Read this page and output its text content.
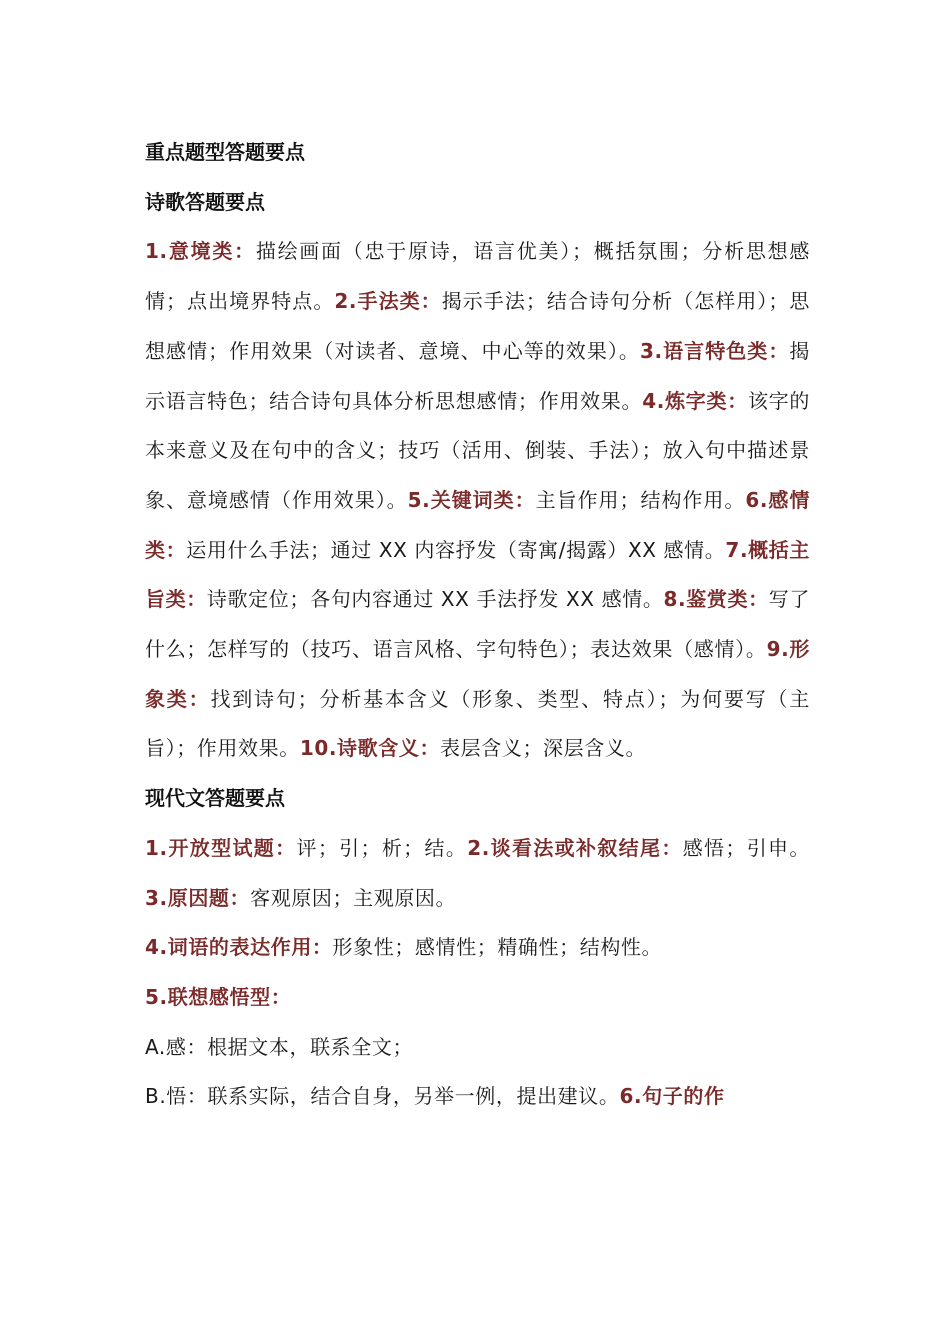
重点题型答题要点

诗歌答题要点

1.意境类：描绘画面（忠于原诗，语言优美）；概括氛围；分析思想感情；点出境界特点。2.手法类：揭示手法；结合诗句分析（怎样用）；思想感情；作用效果（对读者、意境、中心等的效果）。3.语言特色类：揭示语言特色；结合诗句具体分析思想感情；作用效果。4.炼字类：该字的本来意义及在句中的含义；技巧（活用、倒装、手法）；放入句中描述景象、意境感情（作用效果）。5.关键词类：主旨作用；结构作用。6.感情类：运用什么手法；通过 XX 内容抒发（寄寓/揭露）XX 感情。7.概括主旨类：诗歌定位；各句内容通过 XX 手法抒发 XX 感情。8.鉴赏类：写了什么；怎样写的（技巧、语言风格、字句特色）；表达效果（感情）。9.形象类：找到诗句；分析基本含义（形象、类型、特点）；为何要写（主旨）；作用效果。10.诗歌含义：表层含义；深层含义。

现代文答题要点

1.开放型试题：评；引；析；结。2.谈看法或补叙结尾：感悟；引申。3.原因题：客观原因；主观原因。

4.词语的表达作用：形象性；感情性；精确性；结构性。

5.联想感悟型：

A.感：根据文本，联系全文；

B.悟：联系实际，结合自身，另举一例，提出建议。6.句子的作
